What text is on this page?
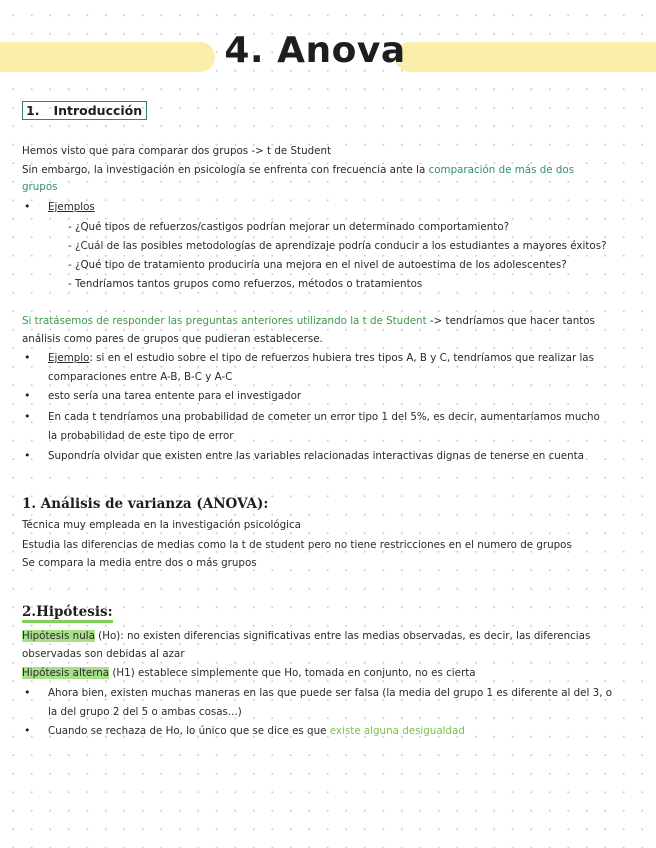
4. Anova
1. Introducción
Hemos visto que para comparar dos grupos -> t de Student
Sin embargo, la investigación en psicología se enfrenta con frecuencia ante la comparación de más de dos
grupos
• Ejemplos
- ¿Qué tipos de refuerzos/castigos podrían mejorar un determinado comportamiento?
- ¿Cuál de las posibles metodologías de aprendizaje podría conducir a los estudiantes a mayores éxitos?
- ¿Qué tipo de tratamiento produciría una mejora en el nivel de autoestima de los adolescentes?
- Tendríamos tantos grupos como refuerzos, métodos o tratamientos
Si tratásemos de responder las preguntas anteriores utilizando la t de Student -> tendríamos que hacer tantos
análisis como pares de grupos que pudieran establecerse.
• Ejemplo: si en el estudio sobre el tipo de refuerzos hubiera tres tipos A, B y C, tendríamos que realizar las
comparaciones entre A-B, B-C y A-C
• esto sería una tarea entente para el investigador
• En cada t tendríamos una probabilidad de cometer un error tipo 1 del 5%, es decir, aumentaríamos mucho
la probabilidad de este tipo de error
• Supondría olvidar que existen entre las variables relacionadas interactivas dignas de tenerse en cuenta
1. Análisis de varianza (ANOVA):
Técnica muy empleada en la investigación psicológica
Estudia las diferencias de medias como la t de student pero no tiene restricciones en el numero de grupos
Se compara la media entre dos o más grupos
2.Hipótesis:
Hipótesis nula (Ho): no existen diferencias significativas entre las medias observadas, es decir, las diferencias
observadas son debidas al azar
Hipótesis alterna (H1) establece simplemente que Ho, tomada en conjunto, no es cierta
• Ahora bien, existen muchas maneras en las que puede ser falsa (la media del grupo 1 es diferente al del 3, o
la del grupo 2 del 5 o ambas cosas...)
• Cuando se rechaza de Ho, lo único que se dice es que existe alguna desigualdad
